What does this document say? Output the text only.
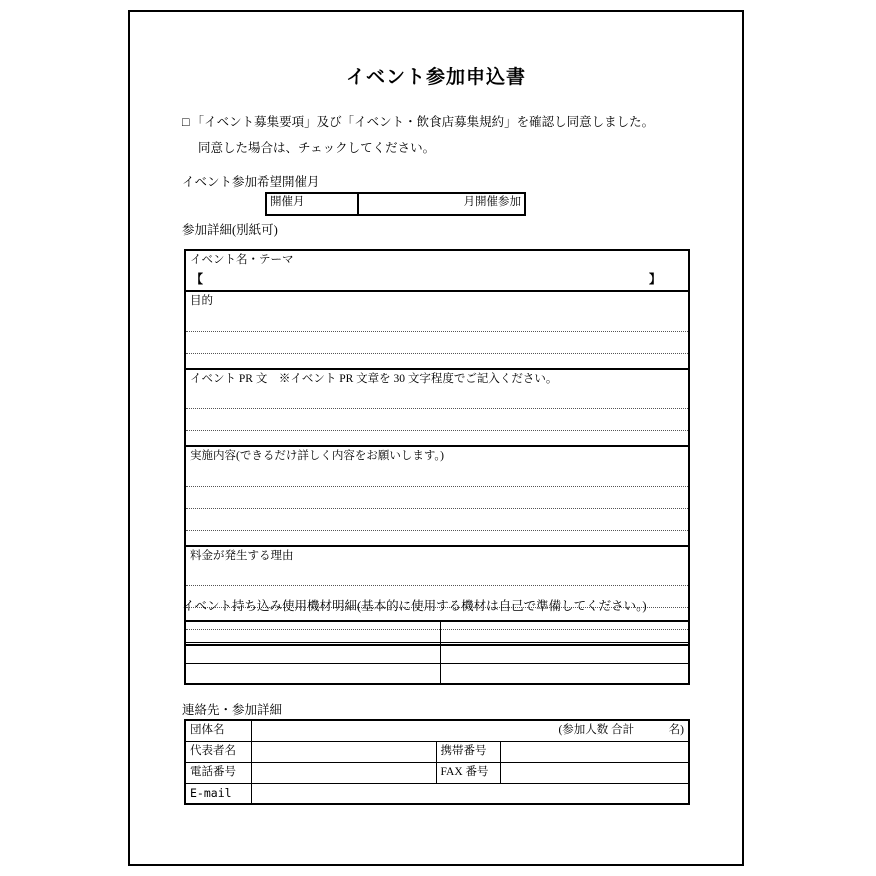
イベント参加申込書
□ 「イベント募集要項」及び「イベント・飲食店募集規約」を確認し同意しました。
同意した場合は、チェックしてください。
イベント参加希望開催月
開催月	月開催参加
参加詳細(別紙可)
イベント名・テーマ
【	】
目的
イベント PR 文　※イベント PR 文章を 30 文字程度でご記入ください。
実施内容(できるだけ詳しく内容をお願いします。)
料金が発生する理由
イベント持ち込み使用機材明細(基本的に使用する機材は自己で準備してください。)

連絡先・参加詳細
団体名	(参加人数 合計　　　名)		
代表者名		携帯番号	
電話番号		FAX 番号	
E-mail			
